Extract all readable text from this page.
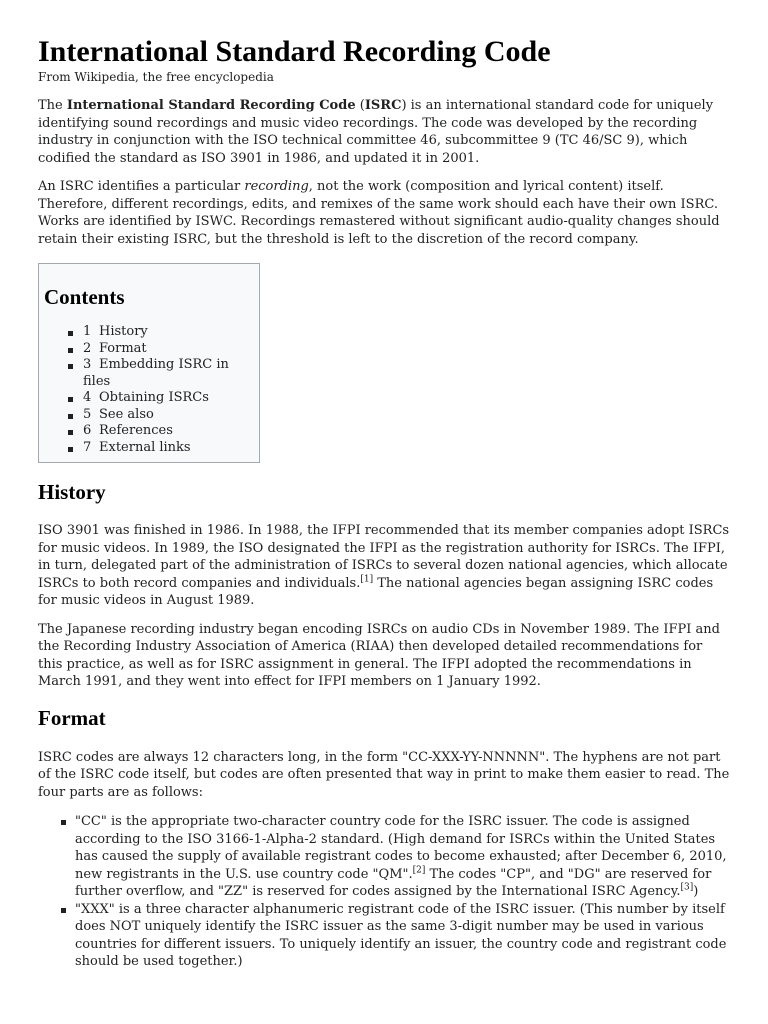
International Standard Recording Code

From Wikipedia, the free encyclopedia

The International Standard Recording Code (ISRC) is an international standard code for uniquely identifying sound recordings and music video recordings. The code was developed by the recording industry in conjunction with the ISO technical committee 46, subcommittee 9 (TC 46/SC 9), which codified the standard as ISO 3901 in 1986, and updated it in 2001.

An ISRC identifies a particular recording, not the work (composition and lyrical content) itself. Therefore, different recordings, edits, and remixes of the same work should each have their own ISRC. Works are identified by ISWC. Recordings remastered without significant audio-quality changes should retain their existing ISRC, but the threshold is left to the discretion of the record company.

Contents
1 History
2 Format
3 Embedding ISRC in files
4 Obtaining ISRCs
5 See also
6 References
7 External links
History

ISO 3901 was finished in 1986. In 1988, the IFPI recommended that its member companies adopt ISRCs for music videos. In 1989, the ISO designated the IFPI as the registration authority for ISRCs. The IFPI, in turn, delegated part of the administration of ISRCs to several dozen national agencies, which allocate ISRCs to both record companies and individuals.[1] The national agencies began assigning ISRC codes for music videos in August 1989.

The Japanese recording industry began encoding ISRCs on audio CDs in November 1989. The IFPI and the Recording Industry Association of America (RIAA) then developed detailed recommendations for this practice, as well as for ISRC assignment in general. The IFPI adopted the recommendations in March 1991, and they went into effect for IFPI members on 1 January 1992.

Format

ISRC codes are always 12 characters long, in the form "CC-XXX-YY-NNNNN". The hyphens are not part of the ISRC code itself, but codes are often presented that way in print to make them easier to read. The four parts are as follows:

"CC" is the appropriate two-character country code for the ISRC issuer. The code is assigned according to the ISO 3166-1-Alpha-2 standard. (High demand for ISRCs within the United States has caused the supply of available registrant codes to become exhausted; after December 6, 2010, new registrants in the U.S. use country code "QM".[2] The codes "CP", and "DG" are reserved for further overflow, and "ZZ" is reserved for codes assigned by the International ISRC Agency.[3])
"XXX" is a three character alphanumeric registrant code of the ISRC issuer. (This number by itself does NOT uniquely identify the ISRC issuer as the same 3-digit number may be used in various countries for different issuers. To uniquely identify an issuer, the country code and registrant code should be used together.)
